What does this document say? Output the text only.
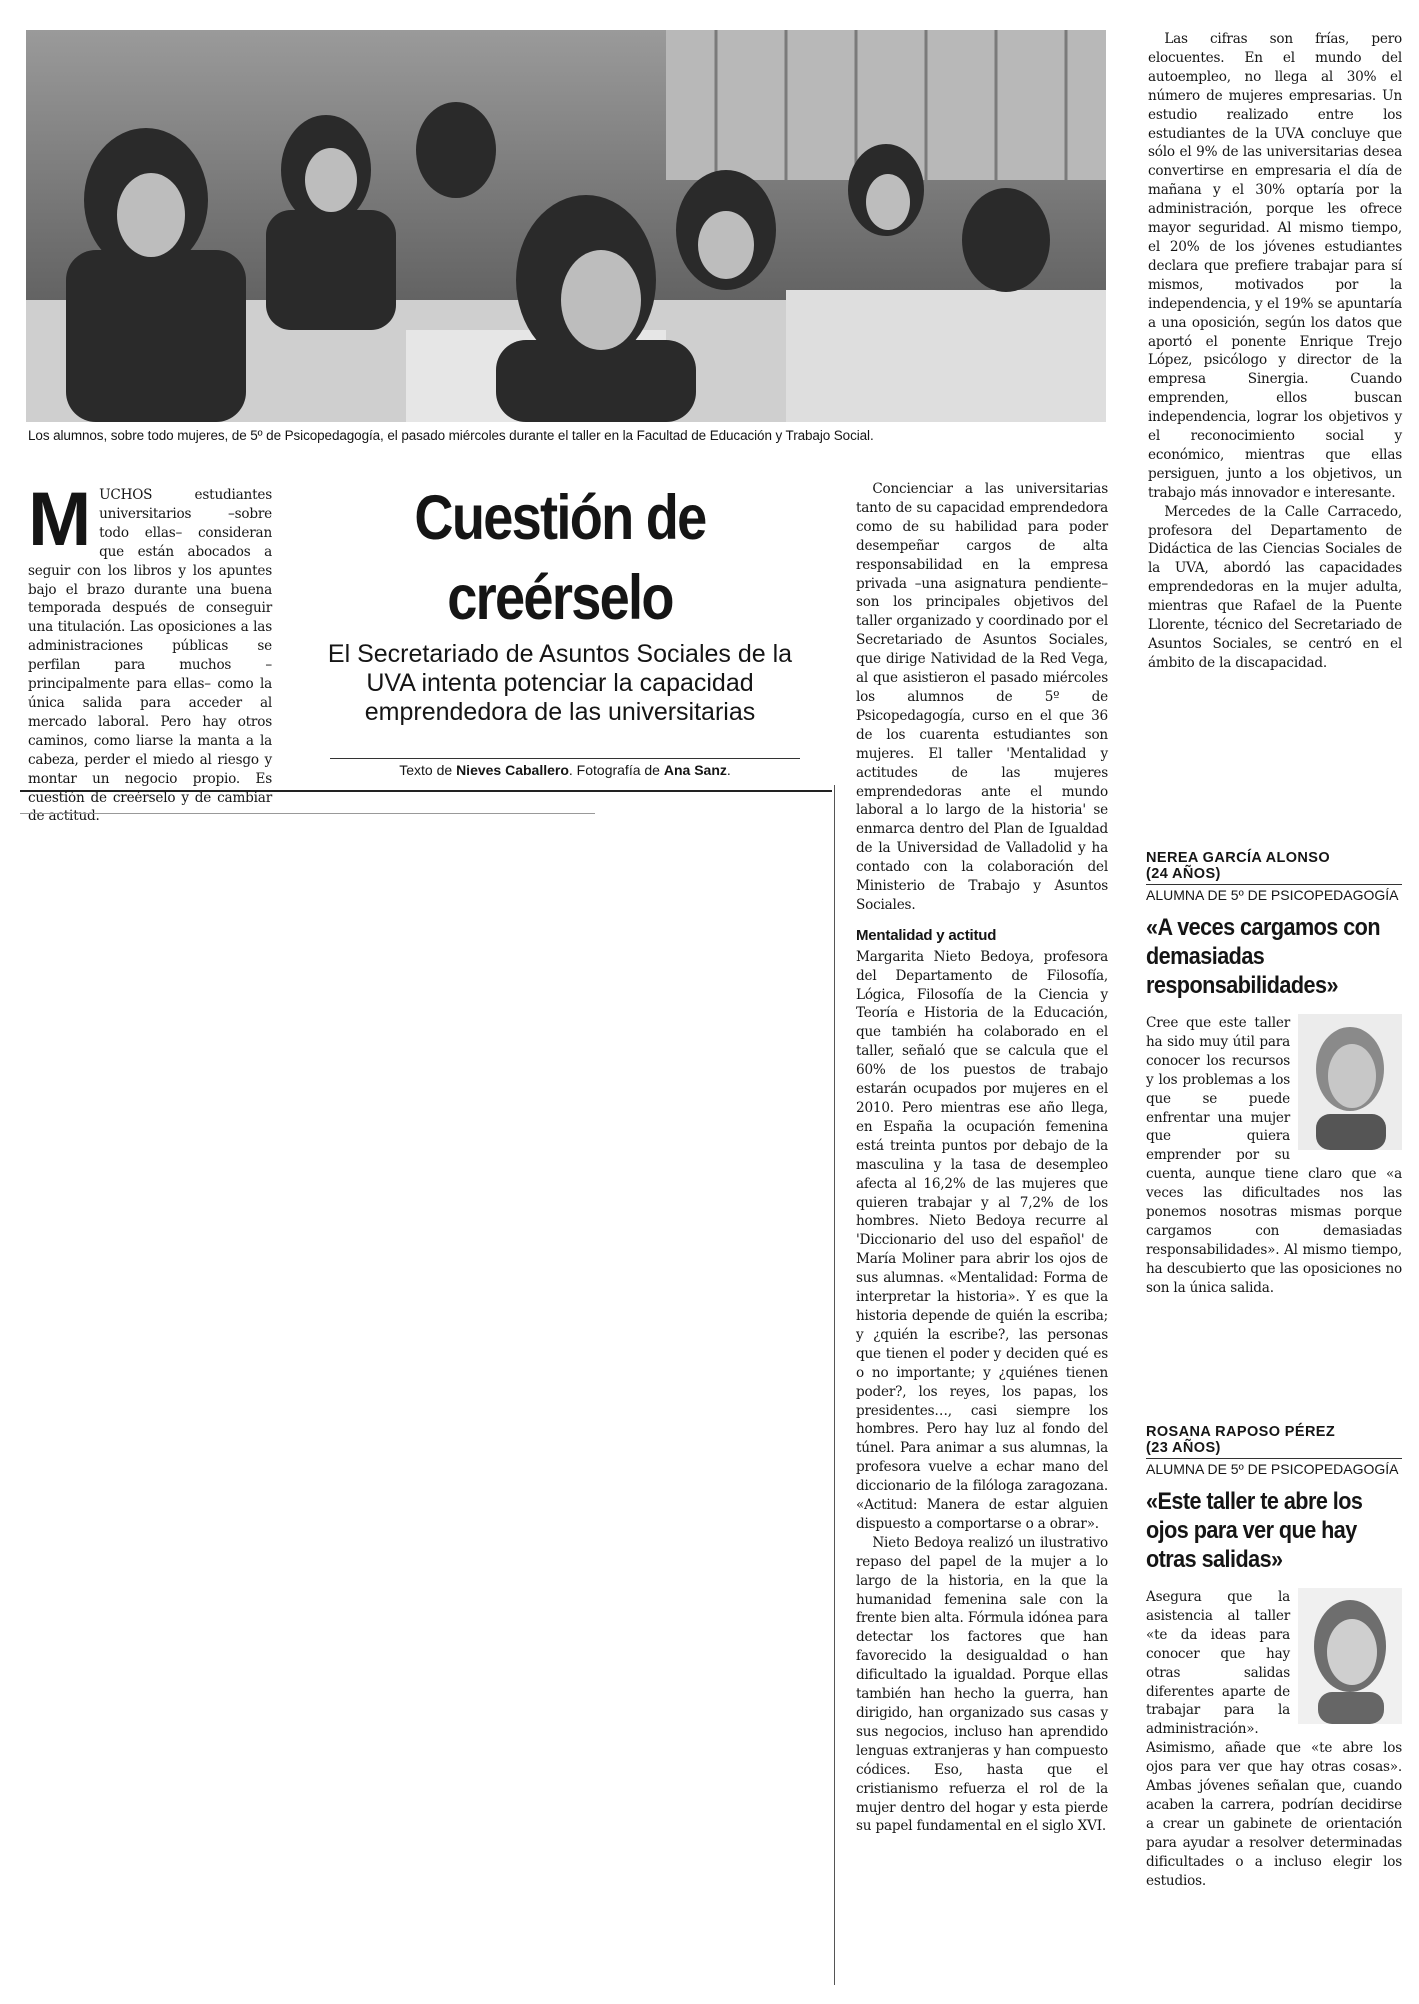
Los alumnos, sobre todo mujeres, de 5º de Psicopedagogía, el pasado miércoles durante el taller en la Facultad de Educación y Trabajo Social.
MUCHOS estudiantes universitarios –sobre todo ellas– consideran que están abocados a seguir con los libros y los apuntes bajo el brazo durante una buena temporada después de conseguir una titulación. Las oposiciones a las administraciones públicas se perfilan para muchos –principalmente para ellas– como la única salida para acceder al mercado laboral. Pero hay otros caminos, como liarse la manta a la cabeza, perder el miedo al riesgo y montar un negocio propio. Es cuestión de creérselo y de cambiar de actitud.
Cuestión de
creérselo
El Secretariado de Asuntos Sociales de la UVA intenta potenciar la capacidad emprendedora de las universitarias
Texto de Nieves Caballero. Fotografía de Ana Sanz.

Concienciar a las universitarias tanto de su capacidad emprendedora como de su habilidad para poder desempeñar cargos de alta responsabilidad en la empresa privada –una asignatura pendiente– son los principales objetivos del taller organizado y coordinado por el Secretariado de Asuntos Sociales, que dirige Natividad de la Red Vega, al que asistieron el pasado miércoles los alumnos de 5º de Psicopedagogía, curso en el que 36 de los cuarenta estudiantes son mujeres. El taller 'Mentalidad y actitudes de las mujeres emprendedoras ante el mundo laboral a lo largo de la historia' se enmarca dentro del Plan de Igualdad de la Universidad de Valladolid y ha contado con la colaboración del Ministerio de Trabajo y Asuntos Sociales.

Mentalidad y actitud

Margarita Nieto Bedoya, profesora del Departamento de Filosofía, Lógica, Filosofía de la Ciencia y Teoría e Historia de la Educación, que también ha colaborado en el taller, señaló que se calcula que el 60% de los puestos de trabajo estarán ocupados por mujeres en el 2010. Pero mientras ese año llega, en España la ocupación femenina está treinta puntos por debajo de la masculina y la tasa de desempleo afecta al 16,2% de las mujeres que quieren trabajar y al 7,2% de los hombres. Nieto Bedoya recurre al 'Diccionario del uso del español' de María Moliner para abrir los ojos de sus alumnas. «Mentalidad: Forma de interpretar la historia». Y es que la historia depende de quién la escriba; y ¿quién la escribe?, las personas que tienen el poder y deciden qué es o no importante; y ¿quiénes tienen poder?, los reyes, los papas, los presidentes…, casi siempre los hombres. Pero hay luz al fondo del túnel. Para animar a sus alumnas, la profesora vuelve a echar mano del diccionario de la filóloga zaragozana. «Actitud: Manera de estar alguien dispuesto a comportarse o a obrar».

Nieto Bedoya realizó un ilustrativo repaso del papel de la mujer a lo largo de la historia, en la que la humanidad femenina sale con la frente bien alta. Fórmula idónea para detectar los factores que han favorecido la desigualdad o han dificultado la igualdad. Porque ellas también han hecho la guerra, han dirigido, han organizado sus casas y sus negocios, incluso han aprendido lenguas extranjeras y han compuesto códices. Eso, hasta que el cristianismo refuerza el rol de la mujer dentro del hogar y esta pierde su papel fundamental en el siglo XVI.

Las cifras son frías, pero elocuentes. En el mundo del autoempleo, no llega al 30% el número de mujeres empresarias. Un estudio realizado entre los estudiantes de la UVA concluye que sólo el 9% de las universitarias desea convertirse en empresaria el día de mañana y el 30% optaría por la administración, porque les ofrece mayor seguridad. Al mismo tiempo, el 20% de los jóvenes estudiantes declara que prefiere trabajar para sí mismos, motivados por la independencia, y el 19% se apuntaría a una oposición, según los datos que aportó el ponente Enrique Trejo López, psicólogo y director de la empresa Sinergia. Cuando emprenden, ellos buscan independencia, lograr los objetivos y el reconocimiento social y económico, mientras que ellas persiguen, junto a los objetivos, un trabajo más innovador e interesante.

Mercedes de la Calle Carracedo, profesora del Departamento de Didáctica de las Ciencias Sociales de la UVA, abordó las capacidades emprendedoras en la mujer adulta, mientras que Rafael de la Puente Llorente, técnico del Secretariado de Asuntos Sociales, se centró en el ámbito de la discapacidad.

NEREA GARCÍA ALONSO
(24 AÑOS)
ALUMNA DE 5º DE PSICOPEDAGOGÍA
«A veces cargamos con demasiadas responsabilidades»
Cree que este taller ha sido muy útil para conocer los recursos y los problemas a los que se puede enfrentar una mujer que quiera emprender por su cuenta, aunque tiene claro que «a veces las dificultades nos las ponemos nosotras mismas porque cargamos con demasiadas responsabilidades». Al mismo tiempo, ha descubierto que las oposiciones no son la única salida.
ROSANA RAPOSO PÉREZ
(23 AÑOS)
ALUMNA DE 5º DE PSICOPEDAGOGÍA
«Este taller te abre los ojos para ver que hay otras salidas»
Asegura que la asistencia al taller «te da ideas para conocer que hay otras salidas diferentes aparte de trabajar para la administración». Asimismo, añade que «te abre los ojos para ver que hay otras cosas». Ambas jóvenes señalan que, cuando acaben la carrera, podrían decidirse a crear un gabinete de orientación para ayudar a resolver determinadas dificultades o a incluso elegir los estudios.
